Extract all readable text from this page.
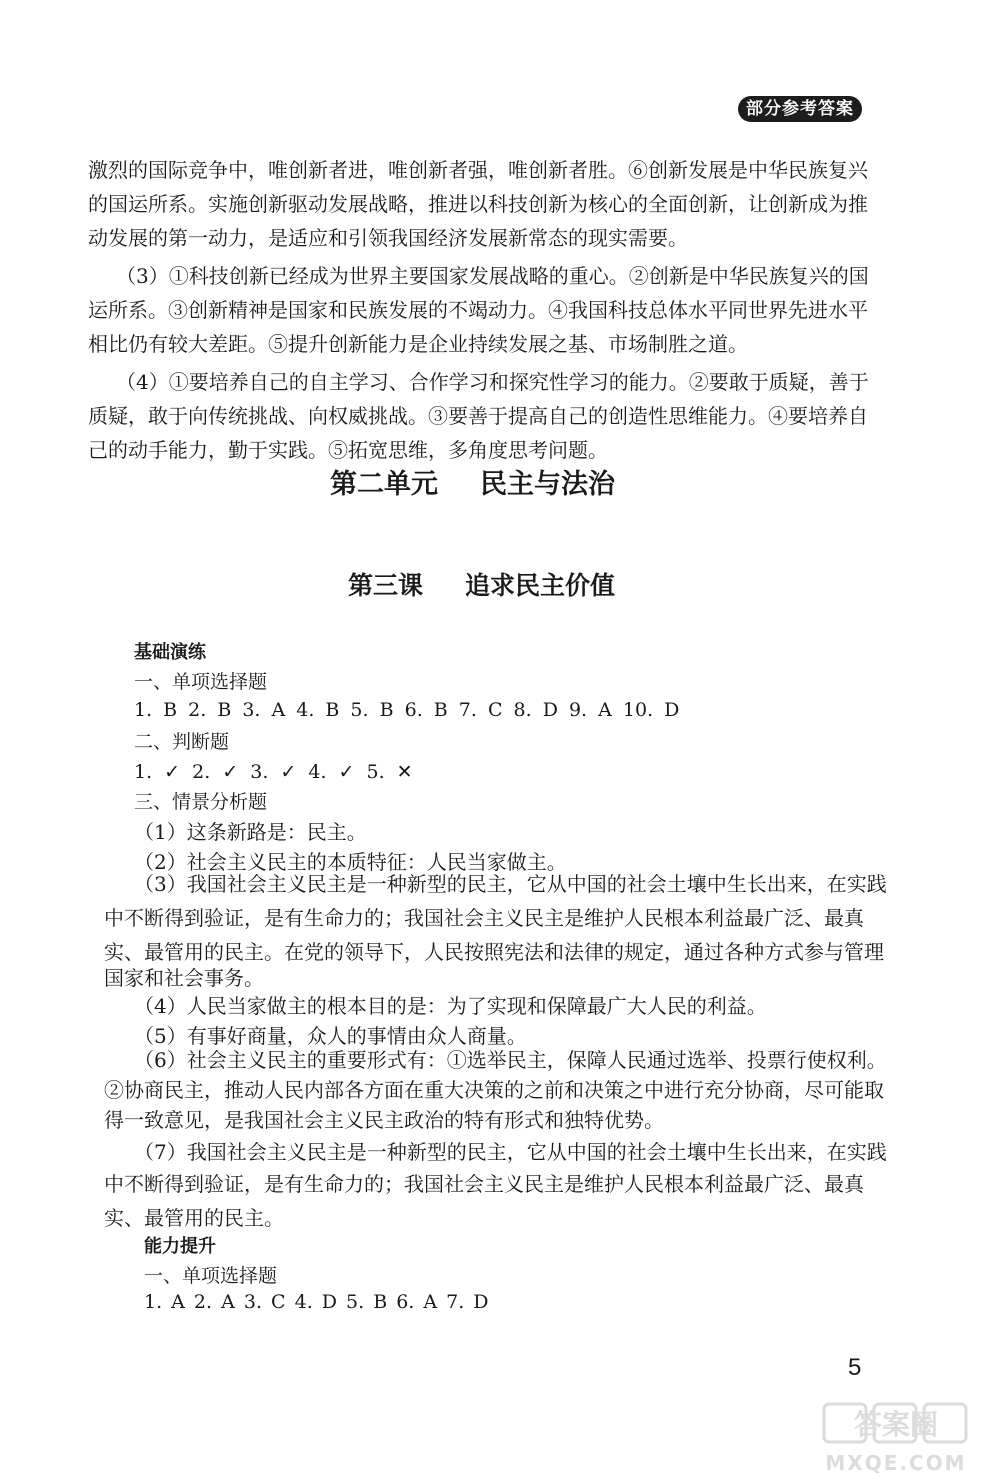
部分参考答案
激烈的国际竞争中，唯创新者进，唯创新者强，唯创新者胜。⑥创新发展是中华民族复兴
的国运所系。实施创新驱动发展战略，推进以科技创新为核心的全面创新，让创新成为推
动发展的第一动力，是适应和引领我国经济发展新常态的现实需要。
（3）①科技创新已经成为世界主要国家发展战略的重心。②创新是中华民族复兴的国
运所系。③创新精神是国家和民族发展的不竭动力。④我国科技总体水平同世界先进水平
相比仍有较大差距。⑤提升创新能力是企业持续发展之基、市场制胜之道。
（4）①要培养自己的自主学习、合作学习和探究性学习的能力。②要敢于质疑，善于
质疑，敢于向传统挑战、向权威挑战。③要善于提高自己的创造性思维能力。④要培养自
己的动手能力，勤于实践。⑤拓宽思维，多角度思考问题。
第二单元 民主与法治
第三课 追求民主价值
基础演练
一、单项选择题
1. B 2. B 3. A 4. B 5. B 6. B 7. C 8. D 9. A 10. D
二、判断题
1. ✓ 2. ✓ 3. ✓ 4. ✓ 5. ✕
三、情景分析题
（1）这条新路是：民主。
（2）社会主义民主的本质特征：人民当家做主。
（3）我国社会主义民主是一种新型的民主，它从中国的社会土壤中生长出来，在实践
中不断得到验证，是有生命力的；我国社会主义民主是维护人民根本利益最广泛、最真
实、最管用的民主。在党的领导下，人民按照宪法和法律的规定，通过各种方式参与管理
国家和社会事务。
（4）人民当家做主的根本目的是：为了实现和保障最广大人民的利益。
（5）有事好商量，众人的事情由众人商量。
（6）社会主义民主的重要形式有：①选举民主，保障人民通过选举、投票行使权利。
②协商民主，推动人民内部各方面在重大决策的之前和决策之中进行充分协商，尽可能取
得一致意见，是我国社会主义民主政治的特有形式和独特优势。
（7）我国社会主义民主是一种新型的民主，它从中国的社会土壤中生长出来，在实践
中不断得到验证，是有生命力的；我国社会主义民主是维护人民根本利益最广泛、最真
实、最管用的民主。
能力提升
一、单项选择题
1. A 2. A 3. C 4. D 5. B 6. A 7. D
5
答案圈
MXQE.COM
